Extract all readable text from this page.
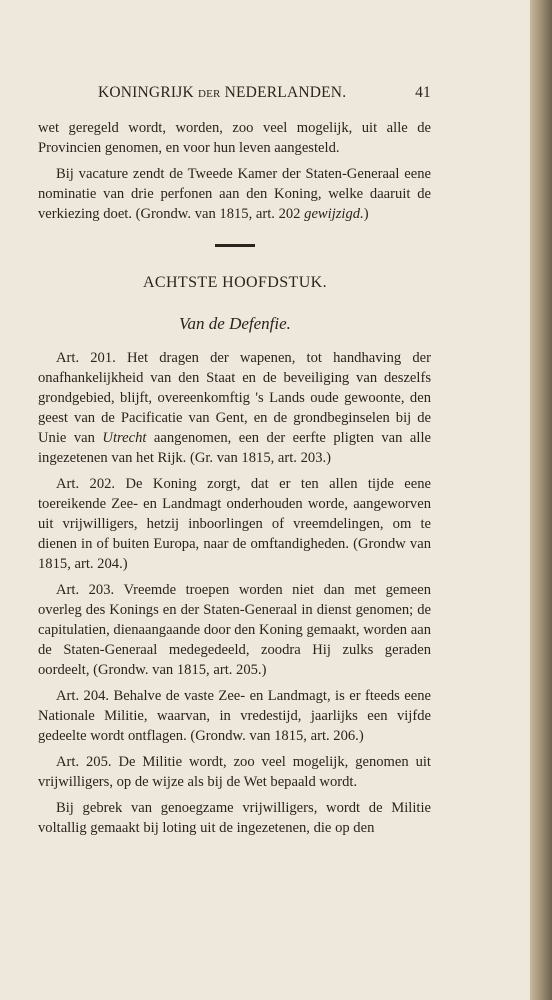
KONINGRIJK DER NEDERLANDEN.	41

wet geregeld wordt, worden, zoo veel mogelijk, uit alle de Provincien genomen, en voor hun leven aangesteld.

Bij vacature zendt de Tweede Kamer der Staten-Generaal eene nominatie van drie perfonen aan den Koning, welke daaruit de verkiezing doet. (Grondw. van 1815, art. 202 gewijzigd.)

ACHTSTE HOOFDSTUK.
Van de Defenfie.

Art. 201. Het dragen der wapenen, tot handhaving der onafhankelijkheid van den Staat en de beveiliging van deszelfs grondgebied, blijft, overeenkomftig 's Lands oude gewoonte, den geest van de Pacificatie van Gent, en de grondbeginselen bij de Unie van Utrecht aangenomen, een der eerfte pligten van alle ingezetenen van het Rijk. (Gr. van 1815, art. 203.)

Art. 202. De Koning zorgt, dat er ten allen tijde eene toereikende Zee- en Landmagt onderhouden worde, aangeworven uit vrijwilligers, hetzij inboorlingen of vreemdelingen, om te dienen in of buiten Europa, naar de omftandigheden. (Grondw van 1815, art. 204.)

Art. 203. Vreemde troepen worden niet dan met gemeen overleg des Konings en der Staten-Generaal in dienst genomen; de capitulatien, dienaangaande door den Koning gemaakt, worden aan de Staten-Generaal medegedeeld, zoodra Hij zulks geraden oordeelt, (Grondw. van 1815, art. 205.)

Art. 204. Behalve de vaste Zee- en Landmagt, is er fteeds eene Nationale Militie, waarvan, in vredestijd, jaarlijks een vijfde gedeelte wordt ontflagen. (Grondw. van 1815, art. 206.)

Art. 205. De Militie wordt, zoo veel mogelijk, genomen uit vrijwilligers, op de wijze als bij de Wet bepaald wordt.

Bij gebrek van genoegzame vrijwilligers, wordt de Militie voltallig gemaakt bij loting uit de ingezetenen, die op den
